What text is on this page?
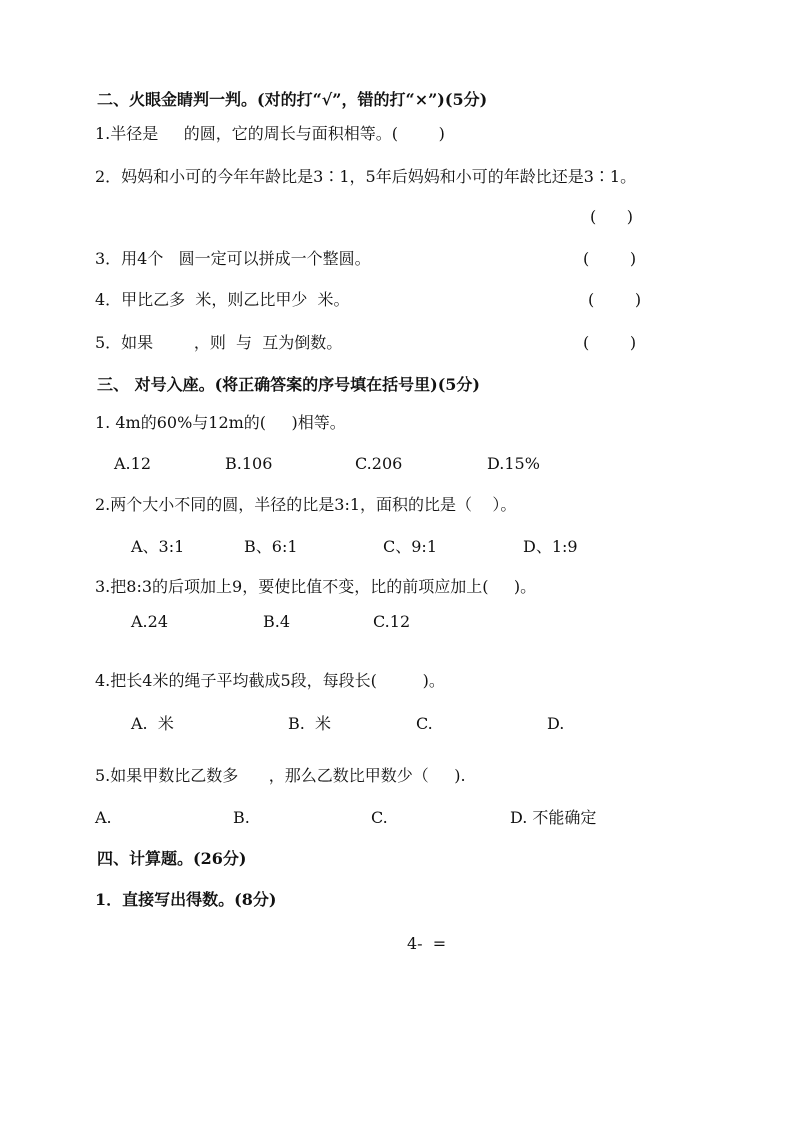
二、火眼金睛判一判。(对的打“√”，错的打“×”)(5分)
1.半径是     的圆，它的周长与面积相等。(        )
2．妈妈和小可的今年年龄比是3∶1，5年后妈妈和小可的年龄比还是3∶1。
(      )
3．用4个   圆一定可以拼成一个整圆。	(        )
4．甲比乙多  米，则乙比甲少  米。	(        )
5．如果        ，则  与  互为倒数。	(        )
三、 对号入座。(将正确答案的序号填在括号里)(5分)
1. 4m的60%与12m的(     )相等。
A.12	B.106	C.206	D.15%
2.两个大小不同的圆，半径的比是3:1，面积的比是（    ）。
A、3:1	B、6:1	C、9:1	D、1:9
3.把8:3的后项加上9，要使比值不变，比的前项应加上(     )。
A.24	B.4	C.12
4.把长4米的绳子平均截成5段，每段长(         )。
A.  米	B.  米	C.	D.
5.如果甲数比乙数多      ，那么乙数比甲数少（     ).
A.	B.	C.	D. 不能确定
四、计算题。(26分)
1．直接写出得数。(8分)
4-  =
